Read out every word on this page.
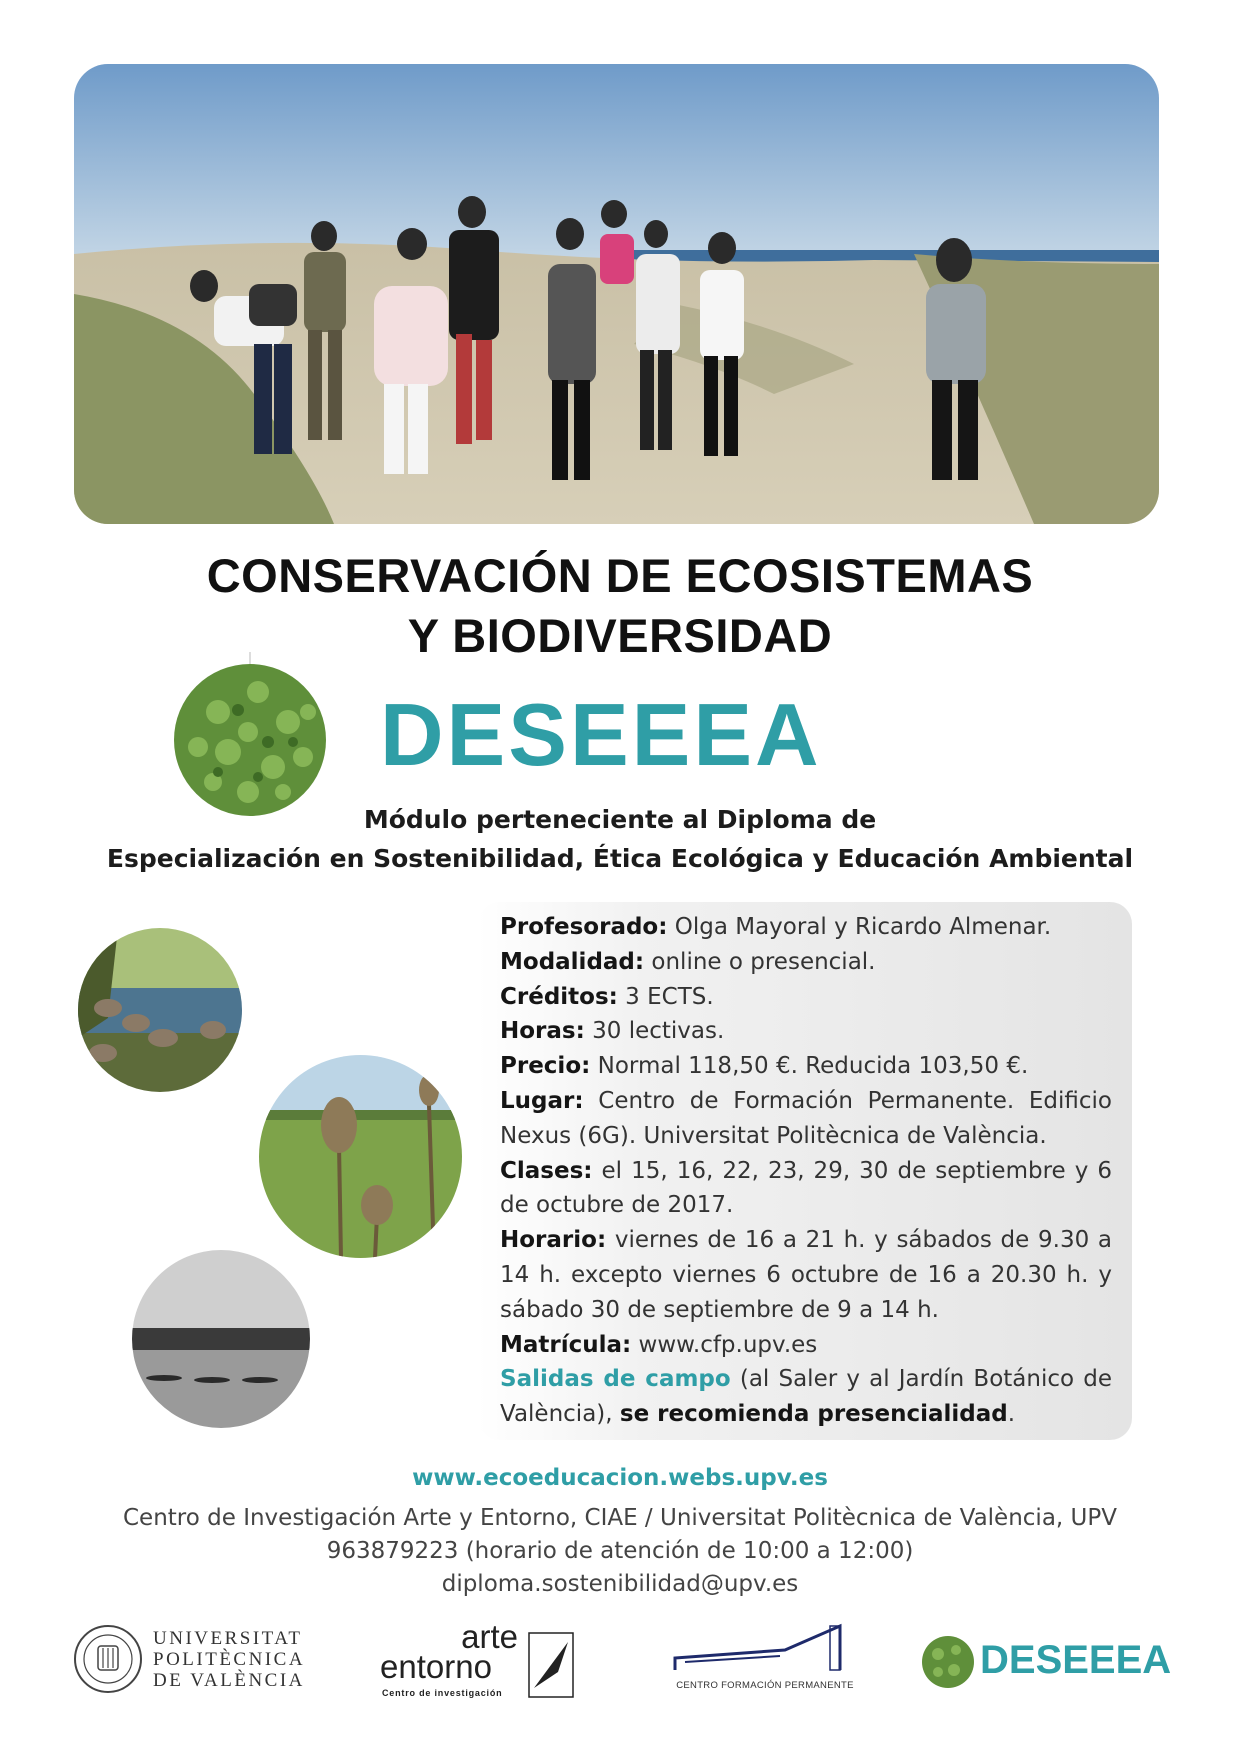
CONSERVACIÓN DE ECOSISTEMAS
Y BIODIVERSIDAD
DESEEEA

Módulo perteneciente al Diploma de

Especialización en Sostenibilidad, Ética Ecológica y Educación Ambiental

Profesorado: Olga Mayoral y Ricardo Almenar.

Modalidad: online o presencial.

Créditos: 3 ECTS.

Horas: 30 lectivas.

Precio: Normal 118,50 €. Reducida 103,50 €.

Lugar: Centro de Formación Permanente. Edificio Nexus (6G). Universitat Politècnica de València.

Clases: el 15, 16, 22, 23, 29, 30 de septiembre y 6 de octubre de 2017.

Horario: viernes de 16 a 21 h. y sábados de 9.30 a 14 h. excepto viernes 6 octubre de 16 a 20.30 h. y sábado 30 de septiembre de 9 a 14 h.

Matrícula: www.cfp.upv.es

Salidas de campo (al Saler y al Jardín Botánico de València), se recomienda presencialidad.

www.ecoeducacion.webs.upv.es

Centro de Investigación Arte y Entorno, CIAE / Universitat Politècnica de València, UPV

963879223 (horario de atención de 10:00 a 12:00)

diploma.sostenibilidad@upv.es

UNIVERSITAT
POLITÈCNICA
DE VALÈNCIA
arte
entorno
Centro de investigación
CENTRO FORMACIÓN PERMANENTE
DESEEEA
